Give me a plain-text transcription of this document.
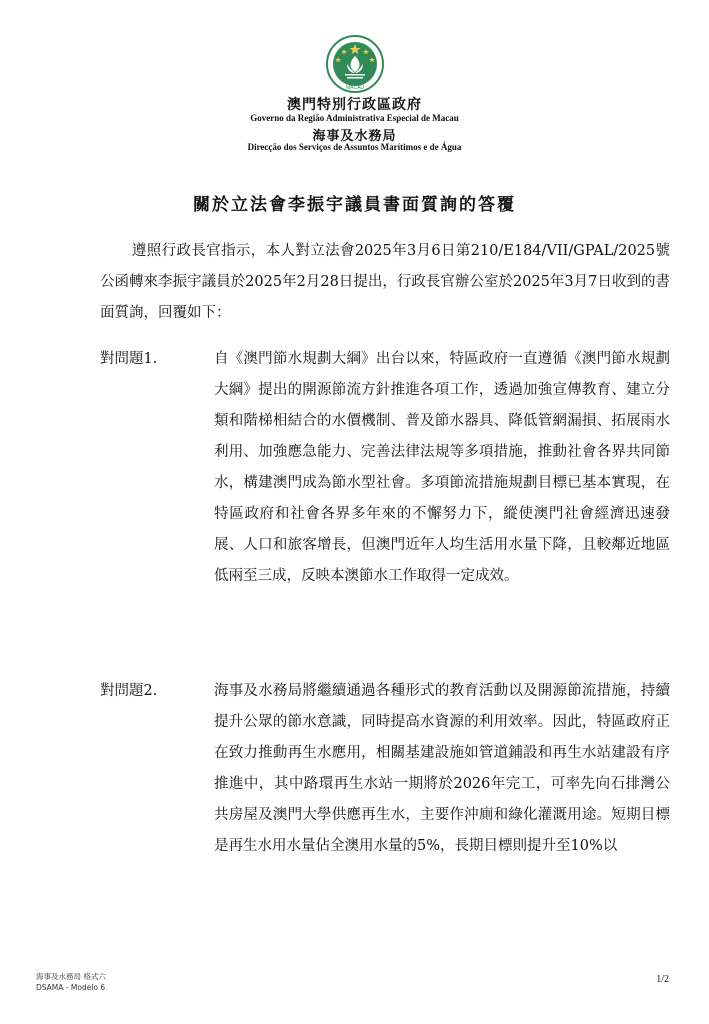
MACAU
澳門特別行政區政府
Governo da Região Administrativa Especial de Macau
海事及水務局
Direcção dos Serviços de Assuntos Marítimos e de Água
關於立法會李振宇議員書面質詢的答覆
遵照行政長官指示，本人對立法會2025年3月6日第210/E184/VII/GPAL/2025號公函轉來李振宇議員於2025年2月28日提出，行政長官辦公室於2025年3月7日收到的書面質詢，回覆如下：
對問題1.	自《澳門節水規劃大綱》出台以來，特區政府一直遵循《澳門節水規劃大綱》提出的開源節流方針推進各項工作，透過加強宣傳教育、建立分類和階梯相結合的水價機制、普及節水器具、降低管網漏損、拓展雨水利用、加強應急能力、完善法律法規等多項措施，推動社會各界共同節水，構建澳門成為節水型社會。多項節流措施規劃目標已基本實現，在特區政府和社會各界多年來的不懈努力下，縱使澳門社會經濟迅速發展、人口和旅客增長，但澳門近年人均生活用水量下降，且較鄰近地區低兩至三成，反映本澳節水工作取得一定成效。
對問題2.	海事及水務局將繼續通過各種形式的教育活動以及開源節流措施，持續提升公眾的節水意識，同時提高水資源的利用效率。因此，特區政府正在致力推動再生水應用，相關基建設施如管道鋪設和再生水站建設有序推進中，其中路環再生水站一期將於2026年完工，可率先向石排灣公共房屋及澳門大學供應再生水，主要作沖廁和綠化灌溉用途。短期目標是再生水用水量佔全澳用水量的5%，長期目標則提升至10%以
海事及水務局 格式六
DSAMA - Modelo 6
1/2
